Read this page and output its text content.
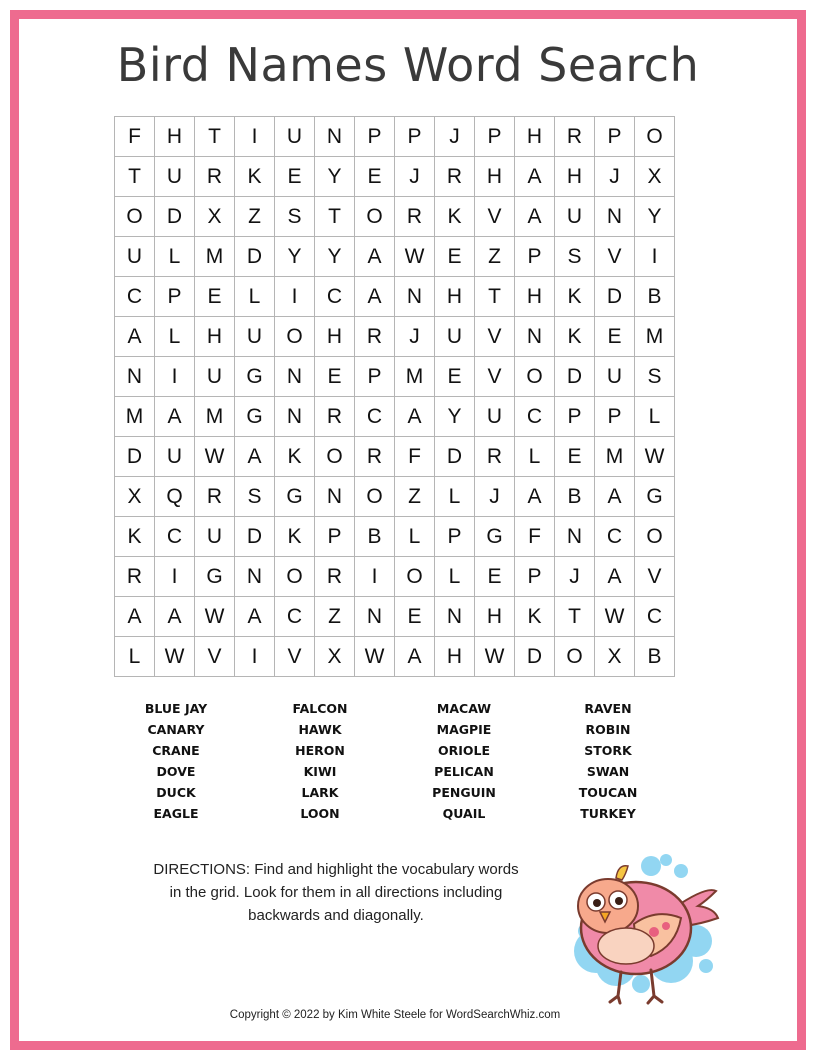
Bird Names Word Search
F	H	T	I	U	N	P	P	J	P	H	R	P	O
T	U	R	K	E	Y	E	J	R	H	A	H	J	X
O	D	X	Z	S	T	O	R	K	V	A	U	N	Y
U	L	M	D	Y	Y	A	W	E	Z	P	S	V	I
C	P	E	L	I	C	A	N	H	T	H	K	D	B
A	L	H	U	O	H	R	J	U	V	N	K	E	M
N	I	U	G	N	E	P	M	E	V	O	D	U	S
M	A	M	G	N	R	C	A	Y	U	C	P	P	L
D	U	W	A	K	O	R	F	D	R	L	E	M	W
X	Q	R	S	G	N	O	Z	L	J	A	B	A	G
K	C	U	D	K	P	B	L	P	G	F	N	C	O
R	I	G	N	O	R	I	O	L	E	P	J	A	V
A	A	W	A	C	Z	N	E	N	H	K	T	W	C
L	W	V	I	V	X	W	A	H	W	D	O	X	B
BLUE JAY
CANARY
CRANE
DOVE
DUCK
EAGLE
FALCON
HAWK
HERON
KIWI
LARK
LOON
MACAW
MAGPIE
ORIOLE
PELICAN
PENGUIN
QUAIL
RAVEN
ROBIN
STORK
SWAN
TOUCAN
TURKEY
DIRECTIONS: Find and highlight the vocabulary words
in the grid. Look for them in all directions including
backwards and diagonally.
Copyright © 2022 by Kim White Steele for WordSearchWhiz.com
